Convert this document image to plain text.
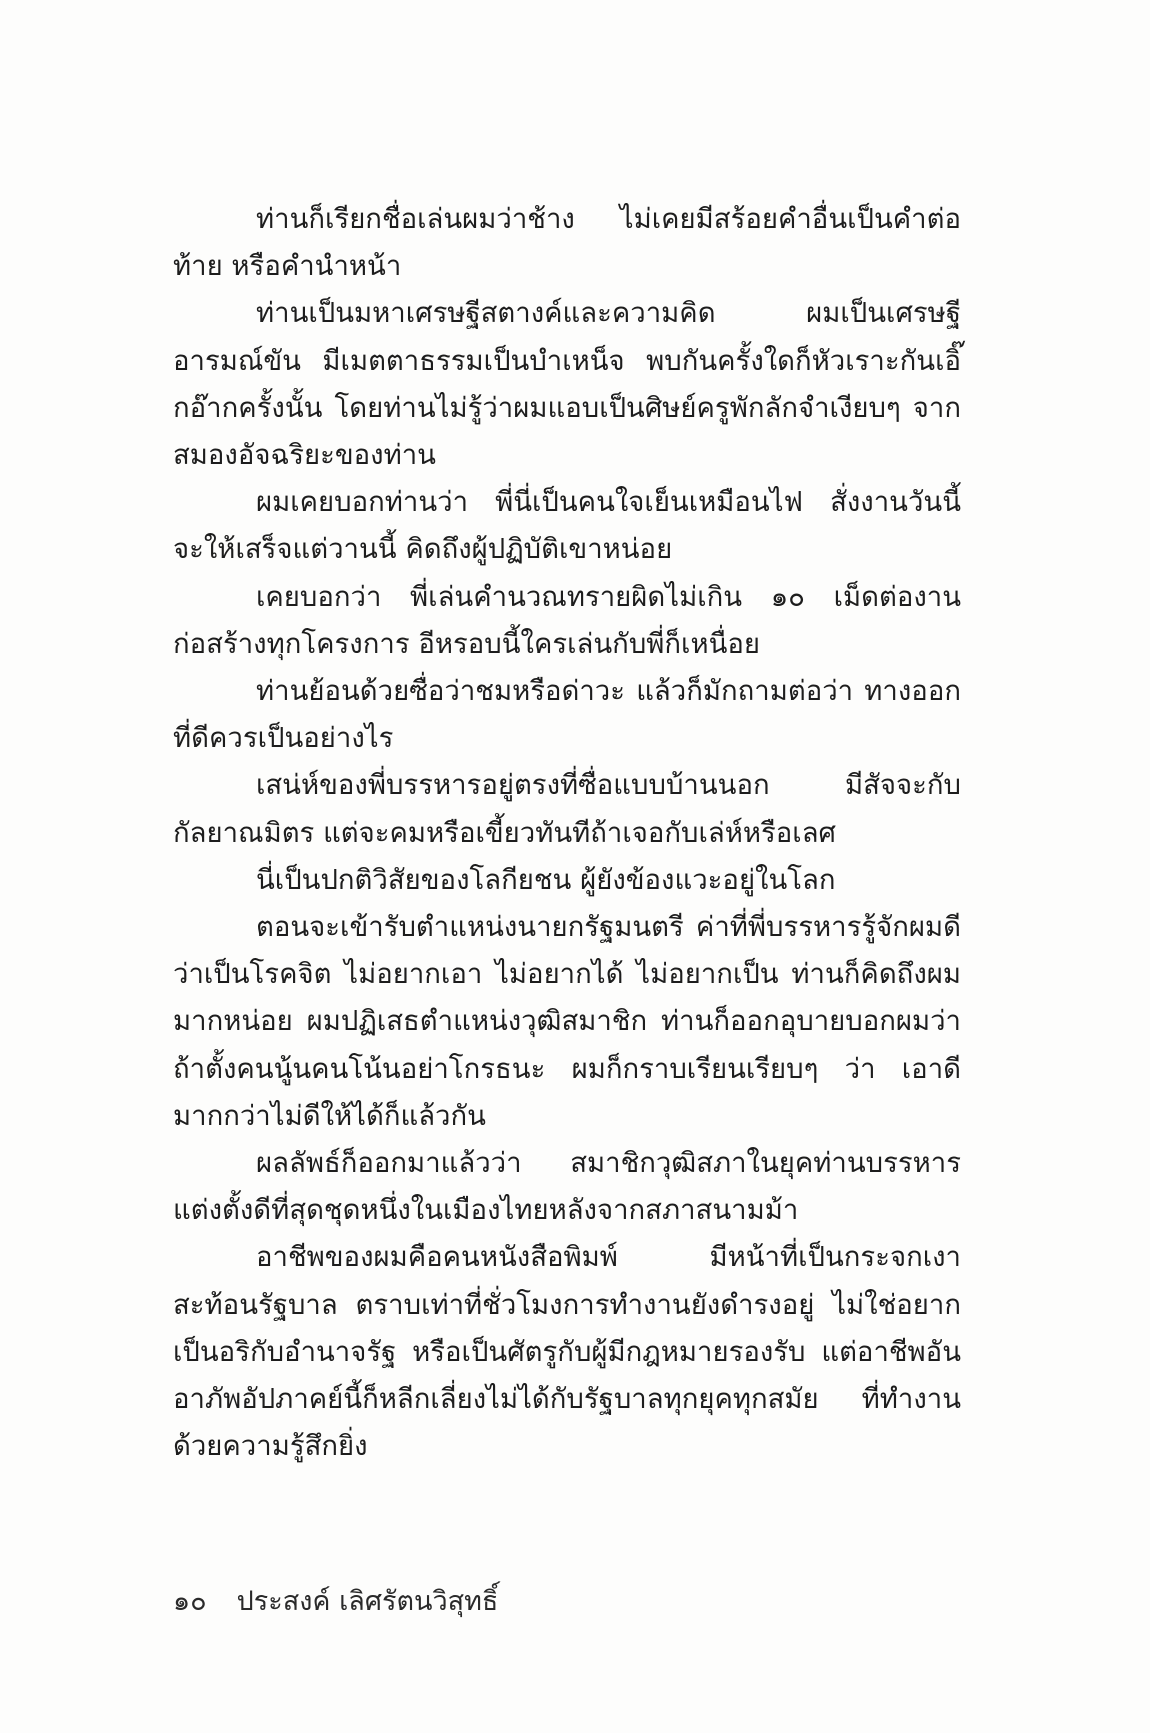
ท่านก็เรียกชื่อเล่นผมว่าช้าง ไม่เคยมีสร้อยคำอื่นเป็นคำต่อท้าย หรือคำนำหน้า

ท่านเป็นมหาเศรษฐีสตางค์และความคิด ผมเป็นเศรษฐีอารมณ์ขัน มีเมตตาธรรมเป็นบำเหน็จ พบกันครั้งใดก็หัวเราะกันเอิ๊กอ๊ากครั้งนั้น โดยท่านไม่รู้ว่าผมแอบเป็นศิษย์ครูพักลักจำเงียบๆ จากสมองอัจฉริยะของท่าน

ผมเคยบอกท่านว่า พี่นี่เป็นคนใจเย็นเหมือนไฟ สั่งงานวันนี้ จะให้เสร็จแต่วานนี้ คิดถึงผู้ปฏิบัติเขาหน่อย

เคยบอกว่า พี่เล่นคำนวณทรายผิดไม่เกิน ๑๐ เม็ดต่องานก่อสร้างทุกโครงการ อีหรอบนี้ใครเล่นกับพี่ก็เหนื่อย

ท่านย้อนด้วยซื่อว่าชมหรือด่าวะ แล้วก็มักถามต่อว่า ทางออกที่ดีควรเป็นอย่างไร

เสน่ห์ของพี่บรรหารอยู่ตรงที่ซื่อแบบบ้านนอก มีสัจจะกับกัลยาณมิตร แต่จะคมหรือเขี้ยวทันทีถ้าเจอกับเล่ห์หรือเลศ

นี่เป็นปกติวิสัยของโลกียชน ผู้ยังข้องแวะอยู่ในโลก

ตอนจะเข้ารับตำแหน่งนายกรัฐมนตรี ค่าที่พี่บรรหารรู้จักผมดีว่าเป็นโรคจิต ไม่อยากเอา ไม่อยากได้ ไม่อยากเป็น ท่านก็คิดถึงผมมากหน่อย ผมปฏิเสธตำแหน่งวุฒิสมาชิก ท่านก็ออกอุบายบอกผมว่า ถ้าตั้งคนนู้นคนโน้นอย่าโกรธนะ ผมก็กราบเรียนเรียบๆ ว่า เอาดีมากกว่าไม่ดีให้ได้ก็แล้วกัน

ผลลัพธ์ก็ออกมาแล้วว่า สมาชิกวุฒิสภาในยุคท่านบรรหารแต่งตั้งดีที่สุดชุดหนึ่งในเมืองไทยหลังจากสภาสนามม้า

อาชีพของผมคือคนหนังสือพิมพ์ มีหน้าที่เป็นกระจกเงาสะท้อนรัฐบาล ตราบเท่าที่ชั่วโมงการทำงานยังดำรงอยู่ ไม่ใช่อยากเป็นอริกับอำนาจรัฐ หรือเป็นศัตรูกับผู้มีกฎหมายรองรับ แต่อาชีพอันอาภัพอัปภาคย์นี้ก็หลีกเลี่ยงไม่ได้กับรัฐบาลทุกยุคทุกสมัย ที่ทำงานด้วยความรู้สึกยิ่ง

๑๐ ประสงค์ เลิศรัตนวิสุทธิ์
